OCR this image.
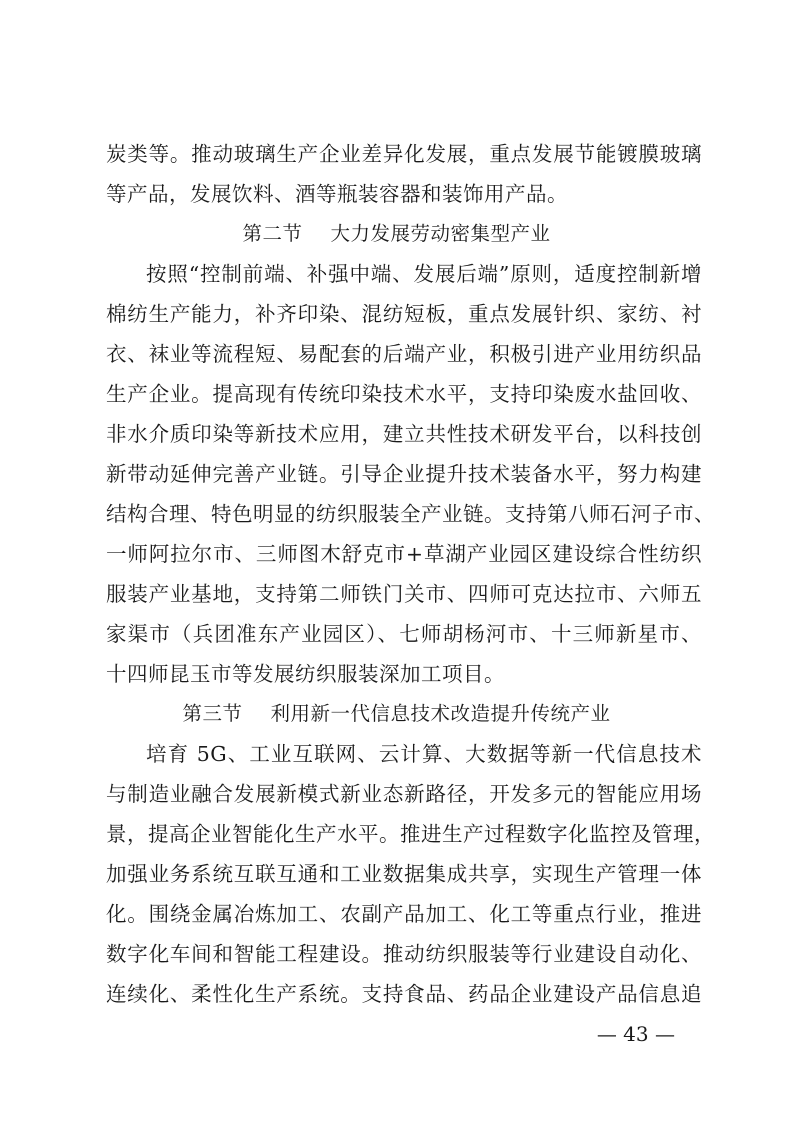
炭类等。推动玻璃生产企业差异化发展，重点发展节能镀膜玻璃
等产品，发展饮料、酒等瓶装容器和装饰用产品。
第二节 大力发展劳动密集型产业
按照“控制前端、补强中端、发展后端”原则，适度控制新增
棉纺生产能力，补齐印染、混纺短板，重点发展针织、家纺、衬
衣、袜业等流程短、易配套的后端产业，积极引进产业用纺织品
生产企业。提高现有传统印染技术水平，支持印染废水盐回收、
非水介质印染等新技术应用，建立共性技术研发平台，以科技创
新带动延伸完善产业链。引导企业提升技术装备水平，努力构建
结构合理、特色明显的纺织服装全产业链。支持第八师石河子市、
一师阿拉尔市、三师图木舒克市+草湖产业园区建设综合性纺织
服装产业基地，支持第二师铁门关市、四师可克达拉市、六师五
家渠市（兵团准东产业园区）、七师胡杨河市、十三师新星市、
十四师昆玉市等发展纺织服装深加工项目。
第三节 利用新一代信息技术改造提升传统产业
培育 5G、工业互联网、云计算、大数据等新一代信息技术
与制造业融合发展新模式新业态新路径，开发多元的智能应用场
景，提高企业智能化生产水平。推进生产过程数字化监控及管理，
加强业务系统互联互通和工业数据集成共享，实现生产管理一体
化。围绕金属冶炼加工、农副产品加工、化工等重点行业，推进
数字化车间和智能工程建设。推动纺织服装等行业建设自动化、
连续化、柔性化生产系统。支持食品、药品企业建设产品信息追
— 43 —
